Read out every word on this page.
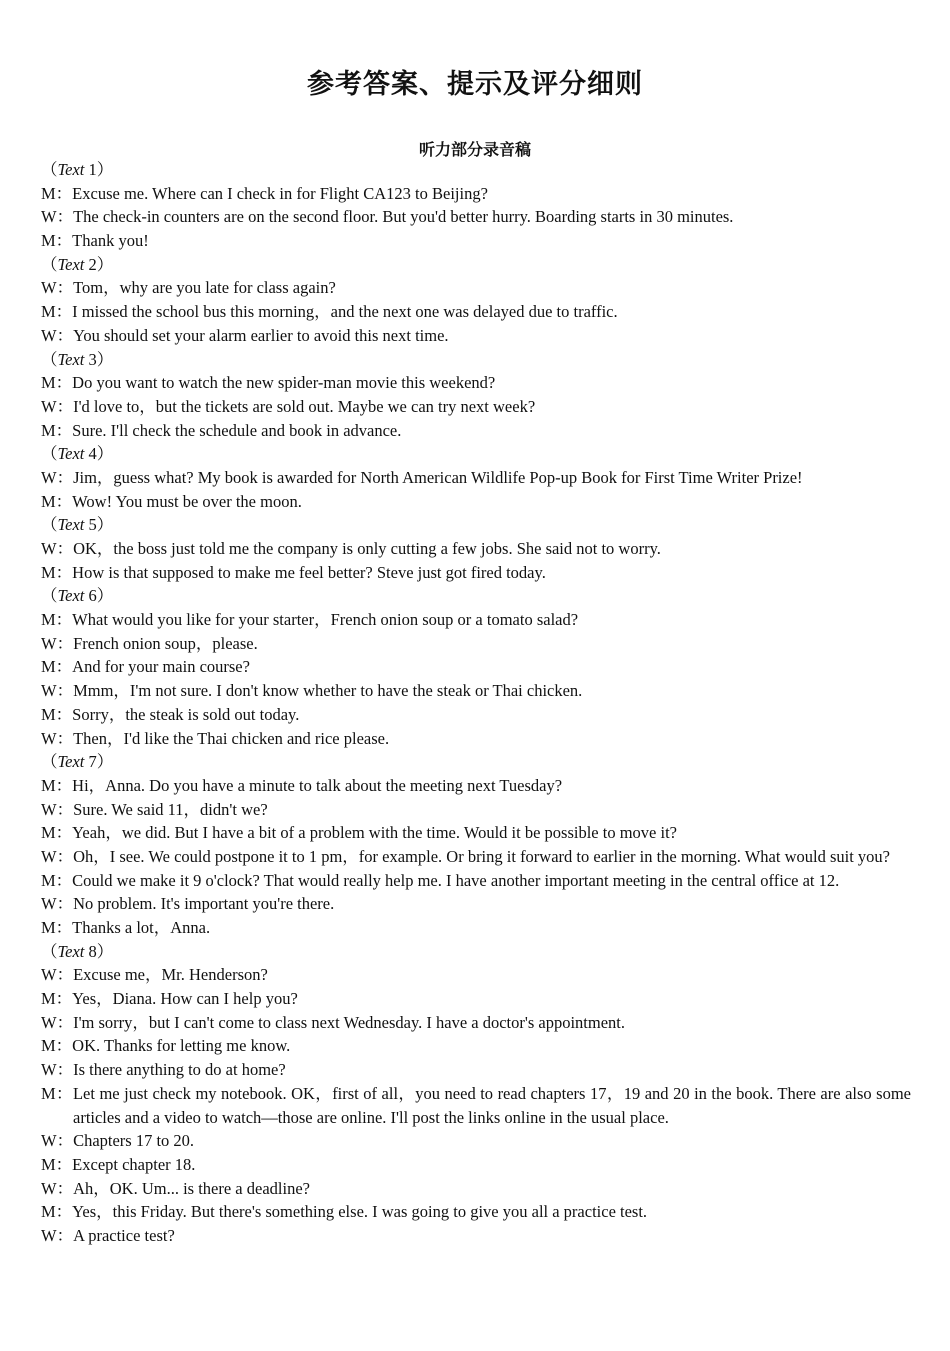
参考答案、提示及评分细则
听力部分录音稿
（Text 1）
M：Excuse me. Where can I check in for Flight CA123 to Beijing?
W：The check-in counters are on the second floor. But you'd better hurry. Boarding starts in 30 minutes.
M：Thank you!
（Text 2）
W：Tom，why are you late for class again?
M：I missed the school bus this morning，and the next one was delayed due to traffic.
W：You should set your alarm earlier to avoid this next time.
（Text 3）
M：Do you want to watch the new spider-man movie this weekend?
W：I'd love to，but the tickets are sold out. Maybe we can try next week?
M：Sure. I'll check the schedule and book in advance.
（Text 4）
W：Jim，guess what? My book is awarded for North American Wildlife Pop-up Book for First Time Writer Prize!
M：Wow! You must be over the moon.
（Text 5）
W：OK，the boss just told me the company is only cutting a few jobs. She said not to worry.
M：How is that supposed to make me feel better? Steve just got fired today.
（Text 6）
M：What would you like for your starter，French onion soup or a tomato salad?
W：French onion soup，please.
M：And for your main course?
W：Mmm，I'm not sure. I don't know whether to have the steak or Thai chicken.
M：Sorry，the steak is sold out today.
W：Then，I'd like the Thai chicken and rice please.
（Text 7）
M：Hi，Anna. Do you have a minute to talk about the meeting next Tuesday?
W：Sure. We said 11，didn't we?
M：Yeah，we did. But I have a bit of a problem with the time. Would it be possible to move it?
W：Oh，I see. We could postpone it to 1 pm，for example. Or bring it forward to earlier in the morning. What would suit you?
M：Could we make it 9 o'clock? That would really help me. I have another important meeting in the central office at 12.
W：No problem. It's important you're there.
M：Thanks a lot，Anna.
（Text 8）
W：Excuse me，Mr. Henderson?
M：Yes，Diana. How can I help you?
W：I'm sorry，but I can't come to class next Wednesday. I have a doctor's appointment.
M：OK. Thanks for letting me know.
W：Is there anything to do at home?
M：Let me just check my notebook. OK，first of all，you need to read chapters 17，19 and 20 in the book. There are also some articles and a video to watch—those are online. I'll post the links online in the usual place.
W：Chapters 17 to 20.
M：Except chapter 18.
W：Ah，OK. Um... is there a deadline?
M：Yes，this Friday. But there's something else. I was going to give you all a practice test.
W：A practice test?
